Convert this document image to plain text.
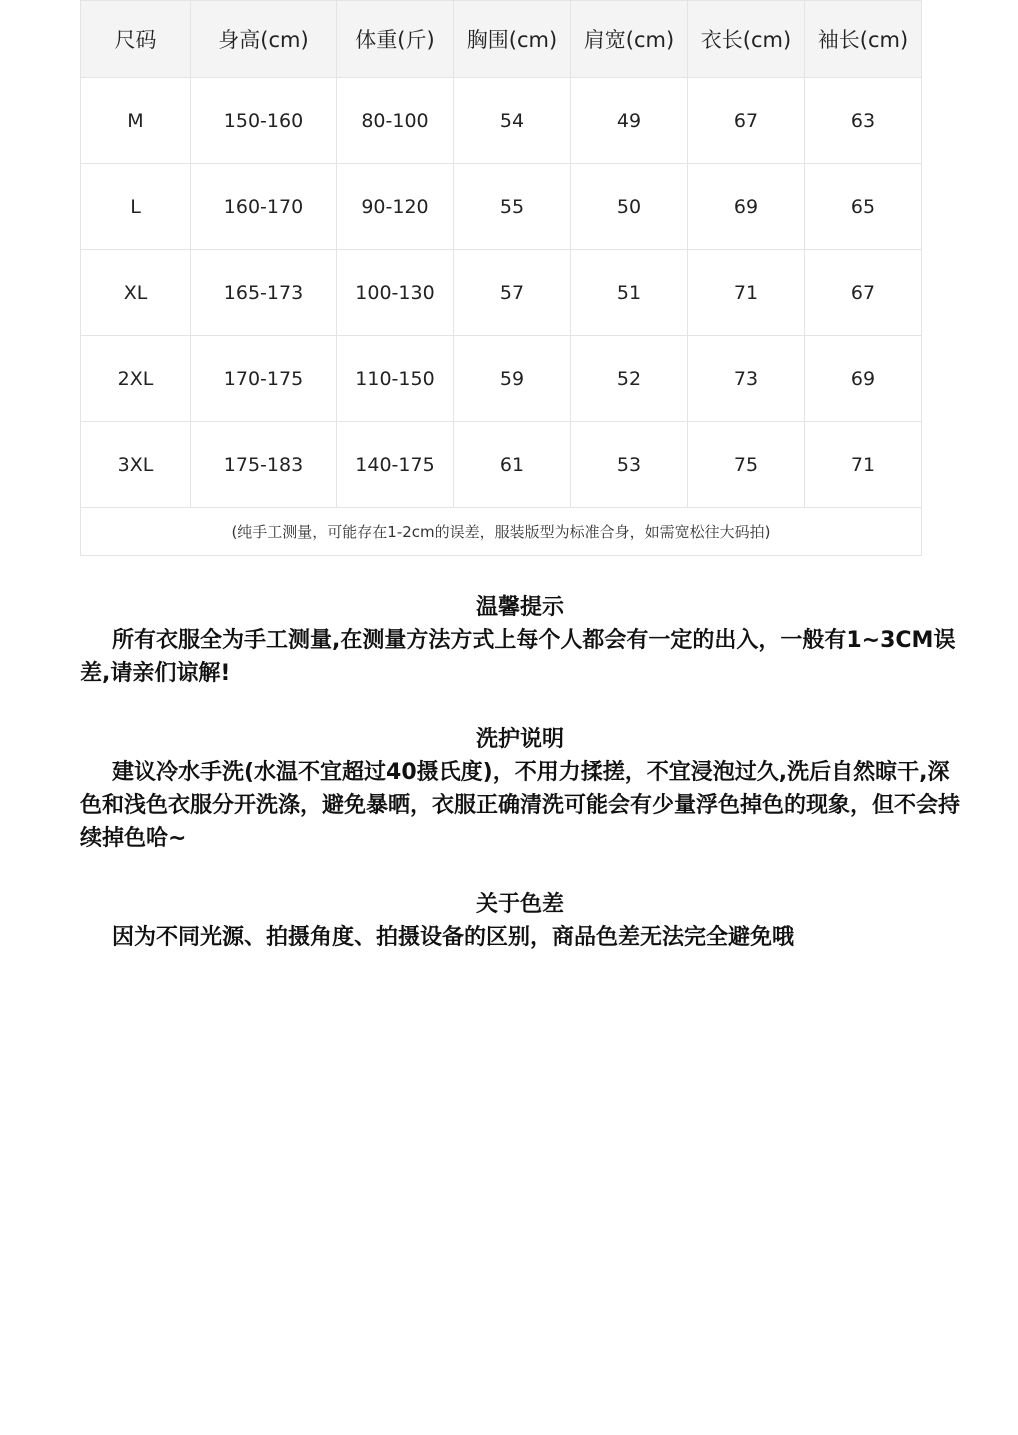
尺码	身高(cm)	体重(斤)	胸围(cm)	肩宽(cm)	衣长(cm)	袖长(cm)
M	150-160	80-100	54	49	67	63
L	160-170	90-120	55	50	69	65
XL	165-173	100-130	57	51	71	67
2XL	170-175	110-150	59	52	73	69
3XL	175-183	140-175	61	53	75	71
(纯手工测量，可能存在1-2cm的误差，服装版型为标准合身，如需宽松往大码拍)						
温馨提示
所有衣服全为手工测量,在测量方法方式上每个人都会有一定的出入，一般有1~3CM误差,请亲们谅解!
洗护说明
建议冷水手洗(水温不宜超过40摄氏度)，不用力揉搓，不宜浸泡过久,洗后自然晾干,深色和浅色衣服分开洗涤，避免暴晒，衣服正确清洗可能会有少量浮色掉色的现象，但不会持续掉色哈~
关于色差
因为不同光源、拍摄角度、拍摄设备的区别，商品色差无法完全避免哦
